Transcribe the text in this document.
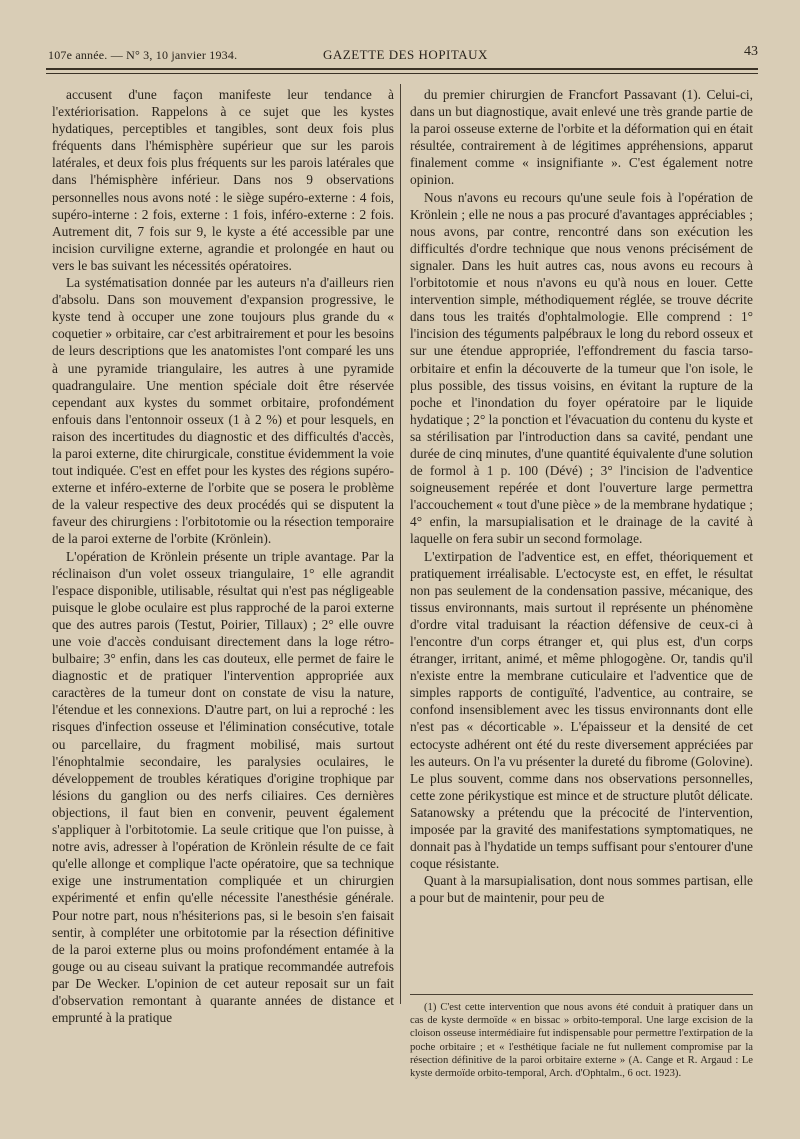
107e année. — N° 3, 10 janvier 1934.	GAZETTE DES HOPITAUX	43

accusent d'une façon manifeste leur tendance à l'extériorisation. Rappelons à ce sujet que les kystes hydatiques, perceptibles et tangibles, sont deux fois plus fréquents dans l'hémisphère supérieur que sur les parois latérales, et deux fois plus fréquents sur les parois latérales que dans l'hémisphère inférieur. Dans nos 9 observations personnelles nous avons noté : le siège supéro-externe : 4 fois, supéro-interne : 2 fois, externe : 1 fois, inféro-externe : 2 fois. Autrement dit, 7 fois sur 9, le kyste a été accessible par une incision curviligne externe, agrandie et prolongée en haut ou vers le bas suivant les nécessités opératoires.

La systématisation donnée par les auteurs n'a d'ailleurs rien d'absolu. Dans son mouvement d'expansion progressive, le kyste tend à occuper une zone toujours plus grande du « coquetier » orbitaire, car c'est arbitrairement et pour les besoins de leurs descriptions que les anatomistes l'ont comparé les uns à une pyramide triangulaire, les autres à une pyramide quadrangulaire. Une mention spéciale doit être réservée cependant aux kystes du sommet orbitaire, profondément enfouis dans l'entonnoir osseux (1 à 2 %) et pour lesquels, en raison des incertitudes du diagnostic et des difficultés d'accès, la paroi externe, dite chirurgicale, constitue évidemment la voie tout indiquée. C'est en effet pour les kystes des régions supéro-externe et inféro-externe de l'orbite que se posera le problème de la valeur respective des deux procédés qui se disputent la faveur des chirurgiens : l'orbitotomie ou la résection temporaire de la paroi externe de l'orbite (Krönlein).

L'opération de Krönlein présente un triple avantage. Par la réclinaison d'un volet osseux triangulaire, 1° elle agrandit l'espace disponible, utilisable, résultat qui n'est pas négligeable puisque le globe oculaire est plus rapproché de la paroi externe que des autres parois (Testut, Poirier, Tillaux) ; 2° elle ouvre une voie d'accès conduisant directement dans la loge rétro-bulbaire; 3° enfin, dans les cas douteux, elle permet de faire le diagnostic et de pratiquer l'intervention appropriée aux caractères de la tumeur dont on constate de visu la nature, l'étendue et les connexions. D'autre part, on lui a reproché : les risques d'infection osseuse et l'élimination consécutive, totale ou parcellaire, du fragment mobilisé, mais surtout l'énophtalmie secondaire, les paralysies oculaires, le développement de troubles kératiques d'origine trophique par lésions du ganglion ou des nerfs ciliaires. Ces dernières objections, il faut bien en convenir, peuvent également s'appliquer à l'orbitotomie. La seule critique que l'on puisse, à notre avis, adresser à l'opération de Krönlein résulte de ce fait qu'elle allonge et complique l'acte opératoire, que sa technique exige une instrumentation compliquée et un chirurgien expérimenté et enfin qu'elle nécessite l'anesthésie générale. Pour notre part, nous n'hésiterions pas, si le besoin s'en faisait sentir, à compléter une orbitotomie par la résection définitive de la paroi externe plus ou moins profondément entamée à la gouge ou au ciseau suivant la pratique recommandée autrefois par De Wecker. L'opinion de cet auteur reposait sur un fait d'observation remontant à quarante années de distance et emprunté à la pratique

du premier chirurgien de Francfort Passavant (1). Celui-ci, dans un but diagnostique, avait enlevé une très grande partie de la paroi osseuse externe de l'orbite et la déformation qui en était résultée, contrairement à de légitimes appréhensions, apparut finalement comme « insignifiante ». C'est également notre opinion.

Nous n'avons eu recours qu'une seule fois à l'opération de Krönlein ; elle ne nous a pas procuré d'avantages appréciables ; nous avons, par contre, rencontré dans son exécution les difficultés d'ordre technique que nous venons précisément de signaler. Dans les huit autres cas, nous avons eu recours à l'orbitotomie et nous n'avons eu qu'à nous en louer. Cette intervention simple, méthodiquement réglée, se trouve décrite dans tous les traités d'ophtalmologie. Elle comprend : 1° l'incision des téguments palpébraux le long du rebord osseux et sur une étendue appropriée, l'effondrement du fascia tarso-orbitaire et enfin la découverte de la tumeur que l'on isole, le plus possible, des tissus voisins, en évitant la rupture de la poche et l'inondation du foyer opératoire par le liquide hydatique ; 2° la ponction et l'évacuation du contenu du kyste et sa stérilisation par l'introduction dans sa cavité, pendant une durée de cinq minutes, d'une quantité équivalente d'une solution de formol à 1 p. 100 (Dévé) ; 3° l'incision de l'adventice soigneusement repérée et dont l'ouverture large permettra l'accouchement « tout d'une pièce » de la membrane hydatique ; 4° enfin, la marsupialisation et le drainage de la cavité à laquelle on fera subir un second formolage.

L'extirpation de l'adventice est, en effet, théoriquement et pratiquement irréalisable. L'ectocyste est, en effet, le résultat non pas seulement de la condensation passive, mécanique, des tissus environnants, mais surtout il représente un phénomène d'ordre vital traduisant la réaction défensive de ceux-ci à l'encontre d'un corps étranger et, qui plus est, d'un corps étranger, irritant, animé, et même phlogogène. Or, tandis qu'il n'existe entre la membrane cuticulaire et l'adventice que de simples rapports de contiguïté, l'adventice, au contraire, se confond insensiblement avec les tissus environnants dont elle n'est pas « décorticable ». L'épaisseur et la densité de cet ectocyste adhérent ont été du reste diversement appréciées par les auteurs. On l'a vu présenter la dureté du fibrome (Golovine). Le plus souvent, comme dans nos observations personnelles, cette zone périkystique est mince et de structure plutôt délicate. Satanowsky a prétendu que la précocité de l'intervention, imposée par la gravité des manifestations symptomatiques, ne donnait pas à l'hydatide un temps suffisant pour s'entourer d'une coque résistante.

Quant à la marsupialisation, dont nous sommes partisan, elle a pour but de maintenir, pour peu de

(1) C'est cette intervention que nous avons été conduit à pratiquer dans un cas de kyste dermoïde « en bissac » orbito-temporal. Une large excision de la cloison osseuse intermédiaire fut indispensable pour permettre l'extirpation de la poche orbitaire ; et « l'esthétique faciale ne fut nullement compromise par la résection définitive de la paroi orbitaire externe » (A. Cange et R. Argaud : Le kyste dermoïde orbito-temporal, Arch. d'Ophtalm., 6 oct. 1923).
